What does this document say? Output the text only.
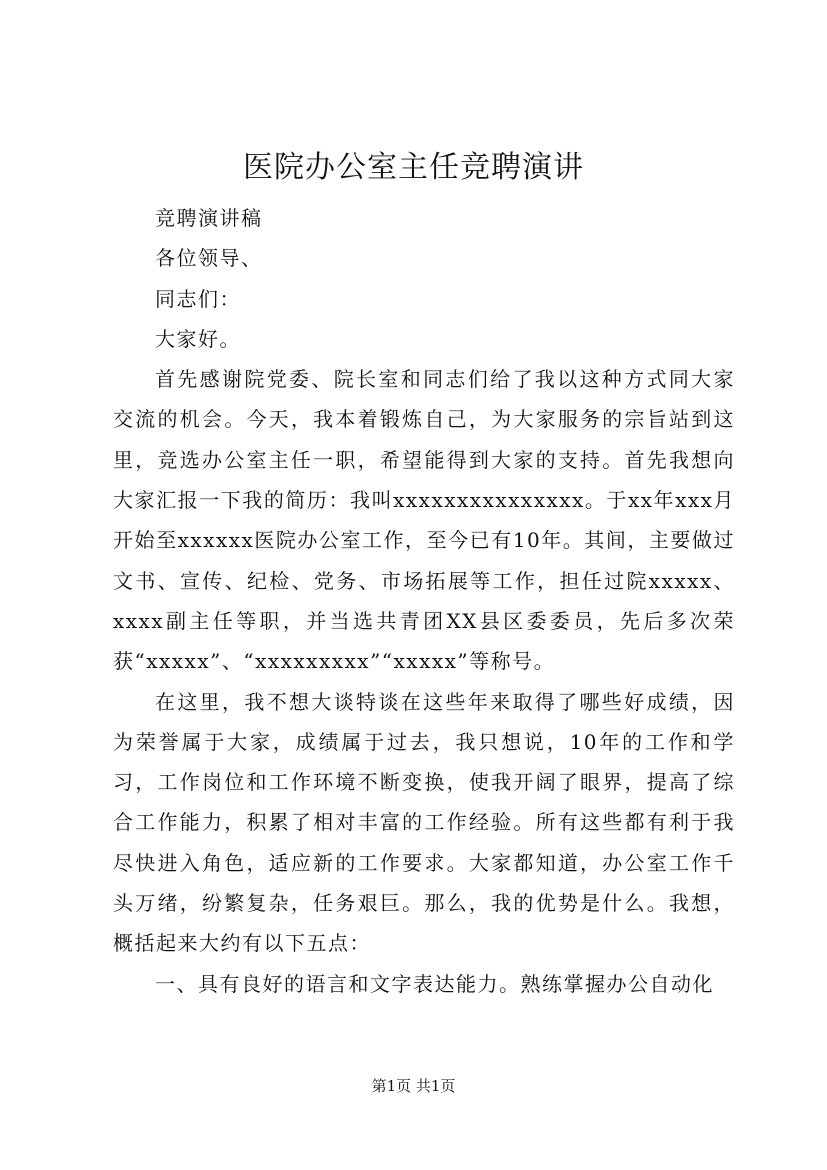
医院办公室主任竞聘演讲

竞聘演讲稿

各位领导、

同志们：

大家好。

首先感谢院党委、院长室和同志们给了我以这种方式同大家交流的机会。今天，我本着锻炼自己，为大家服务的宗旨站到这里，竞选办公室主任一职，希望能得到大家的支持。首先我想向大家汇报一下我的简历：我叫xxxxxxxxxxxxxxx。于xx年xxx月开始至xxxxxx医院办公室工作，至今已有10年。其间，主要做过文书、宣传、纪检、党务、市场拓展等工作，担任过院xxxxx、xxxx副主任等职，并当选共青团XX县区委委员，先后多次荣获“xxxxx”、“xxxxxxxxx”“xxxxx”等称号。

在这里，我不想大谈特谈在这些年来取得了哪些好成绩，因为荣誉属于大家，成绩属于过去，我只想说，10年的工作和学习，工作岗位和工作环境不断变换，使我开阔了眼界，提高了综合工作能力，积累了相对丰富的工作经验。所有这些都有利于我尽快进入角色，适应新的工作要求。大家都知道，办公室工作千头万绪，纷繁复杂，任务艰巨。那么，我的优势是什么。我想，概括起来大约有以下五点：

一、具有良好的语言和文字表达能力。熟练掌握办公自动化

第1页 共1页
